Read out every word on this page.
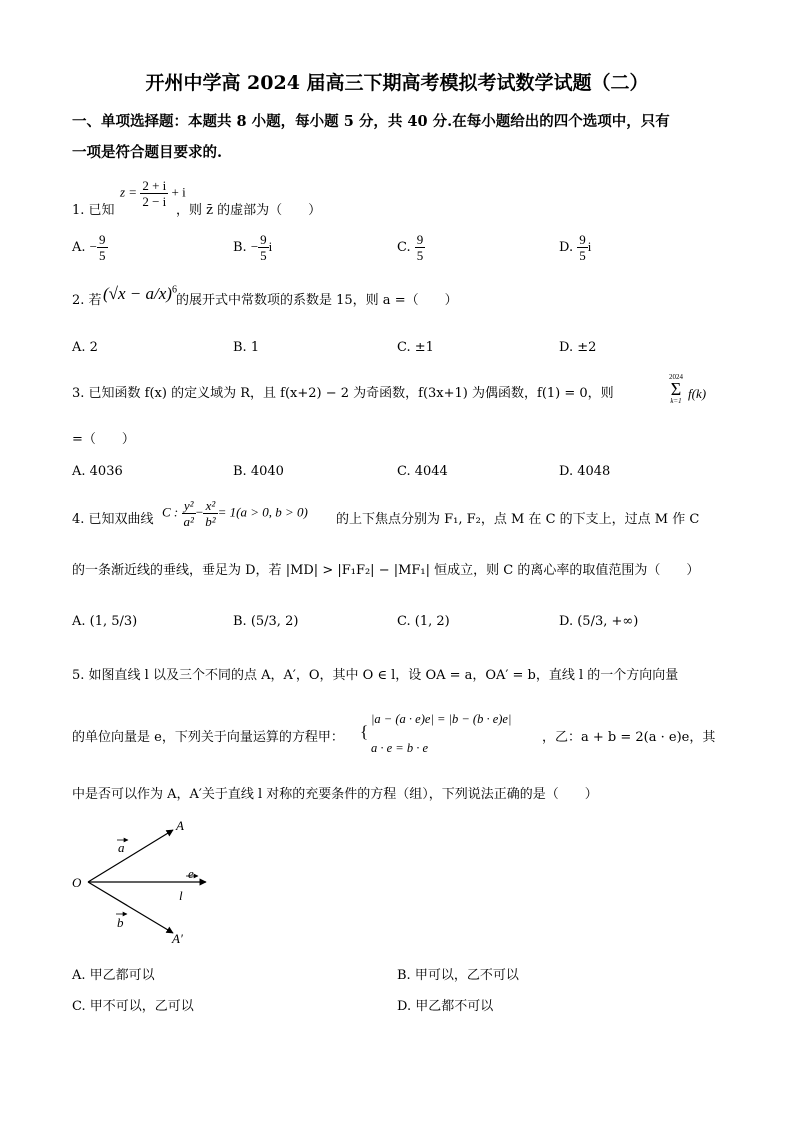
开州中学高 2024 届高三下期高考模拟考试数学试题（二）
一、单项选择题：本题共 8 小题，每小题 5 分，共 40 分.在每小题给出的四个选项中，只有
一项是符合题目要求的.
1. 已知
$z = \frac{2 + i}{2 - i} + i$
，则 z̄ 的虚部为（　　）
A. − $\frac{9}{5}$	B. − $\frac{9}{5}$ i	C. $\frac{9}{5}$	D. $\frac{9}{5}$ i
2. 若 $(√x - a/x)^6$
的展开式中常数项的系数是 15，则 a =（　　）
A. 2	B. 1	C. ±1	D. ±2
3. 已知函数 f(x) 的定义域为 R，且 f(x+2) − 2 为奇函数，f(3x+1) 为偶函数，f(1) = 0，则
2024
Σ
k=1 f(k)
=（　　）
A. 4036	B. 4040	C. 4044	D. 4048
4. 已知双曲线
C : $\frac{\text{y²}}{\text{a²}} - \frac{\text{x²}}{\text{b²}} = 1(a > 0$, b > 0)
的上下焦点分别为 F₁, F₂，点 M 在 C 的下支上，过点 M 作 C
的一条渐近线的垂线，垂足为 D，若 |MD| > |F₁F₂| − |MF₁| 恒成立，则 C 的离心率的取值范围为（　　）
A. (1, 5/3)	B. (5/3, 2)	C. (1, 2)	D. (5/3, +∞)
5. 如图直线 l 以及三个不同的点 A，A′，O，其中 O ∈ l，设 OA = a，OA′ = b，直线 l 的一个方向向量
的单位向量是 e，下列关于向量运算的方程甲： {
|a − (a · e)e| = |b − (b · e)e|
a · e = b · e
，乙：a + b = 2(a · e)e，其
中是否可以作为 A，A′关于直线 l 对称的充要条件的方程（组），下列说法正确的是（　　）
A
A′
O
a
b
e
l
A. 甲乙都可以	B. 甲可以，乙不可以
C. 甲不可以，乙可以	D. 甲乙都不可以
